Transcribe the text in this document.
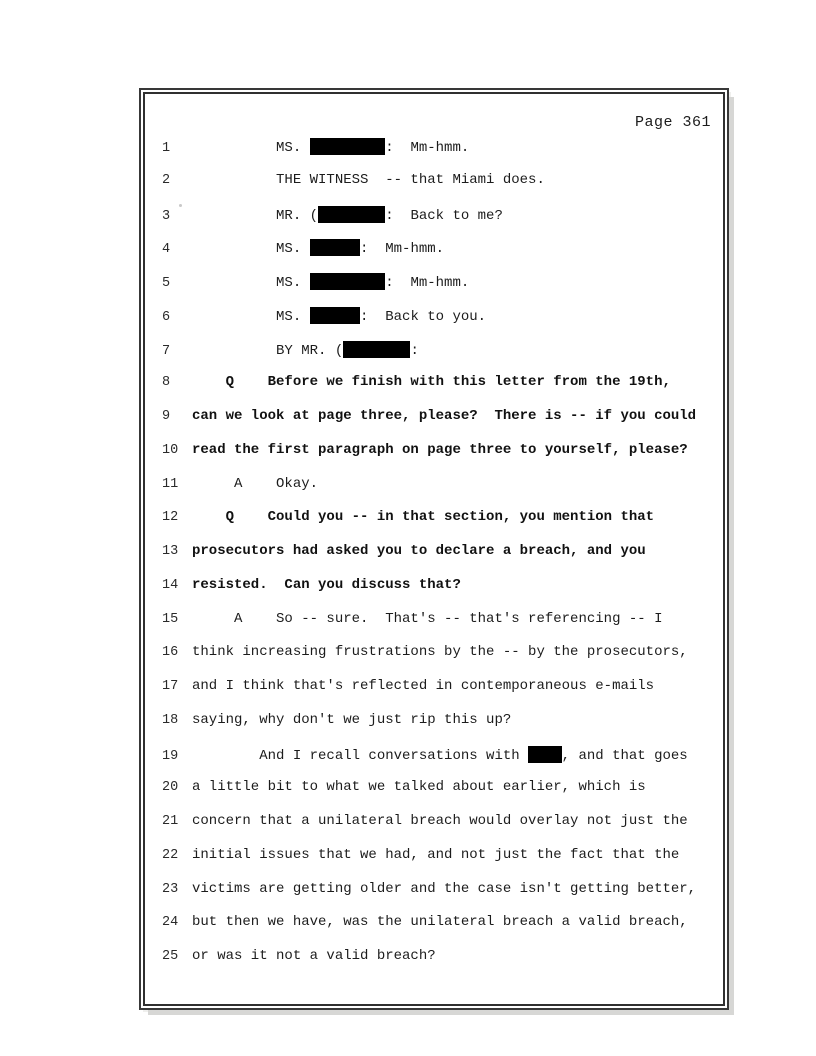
Page 361
1          MS.	:  Mm-hmm.
2          THE WITNESS  -- that Miami does.
3          MR. (	:  Back to me?
4          MS.	:  Mm-hmm.
5          MS.	:  Mm-hmm.
6          MS.	:  Back to you.
7          BY MR. (	:
8    Q    Before we finish with this letter from the 19th,
9 can we look at page three, please?  There is -- if you could
10 read the first paragraph on page three to yourself, please?
11     A    Okay.
12    Q    Could you -- in that section, you mention that
13 prosecutors had asked you to declare a breach, and you
14 resisted.  Can you discuss that?
15     A    So -- sure.  That's -- that's referencing -- I
16 think increasing frustrations by the -- by the prosecutors,
17 and I think that's reflected in contemporaneous e-mails
18 saying, why don't we just rip this up?
19        And I recall conversations with , and that goes
20 a little bit to what we talked about earlier, which is
21 concern that a unilateral breach would overlay not just the
22 initial issues that we had, and not just the fact that the
23 victims are getting older and the case isn't getting better,
24 but then we have, was the unilateral breach a valid breach,
25 or was it not a valid breach?
